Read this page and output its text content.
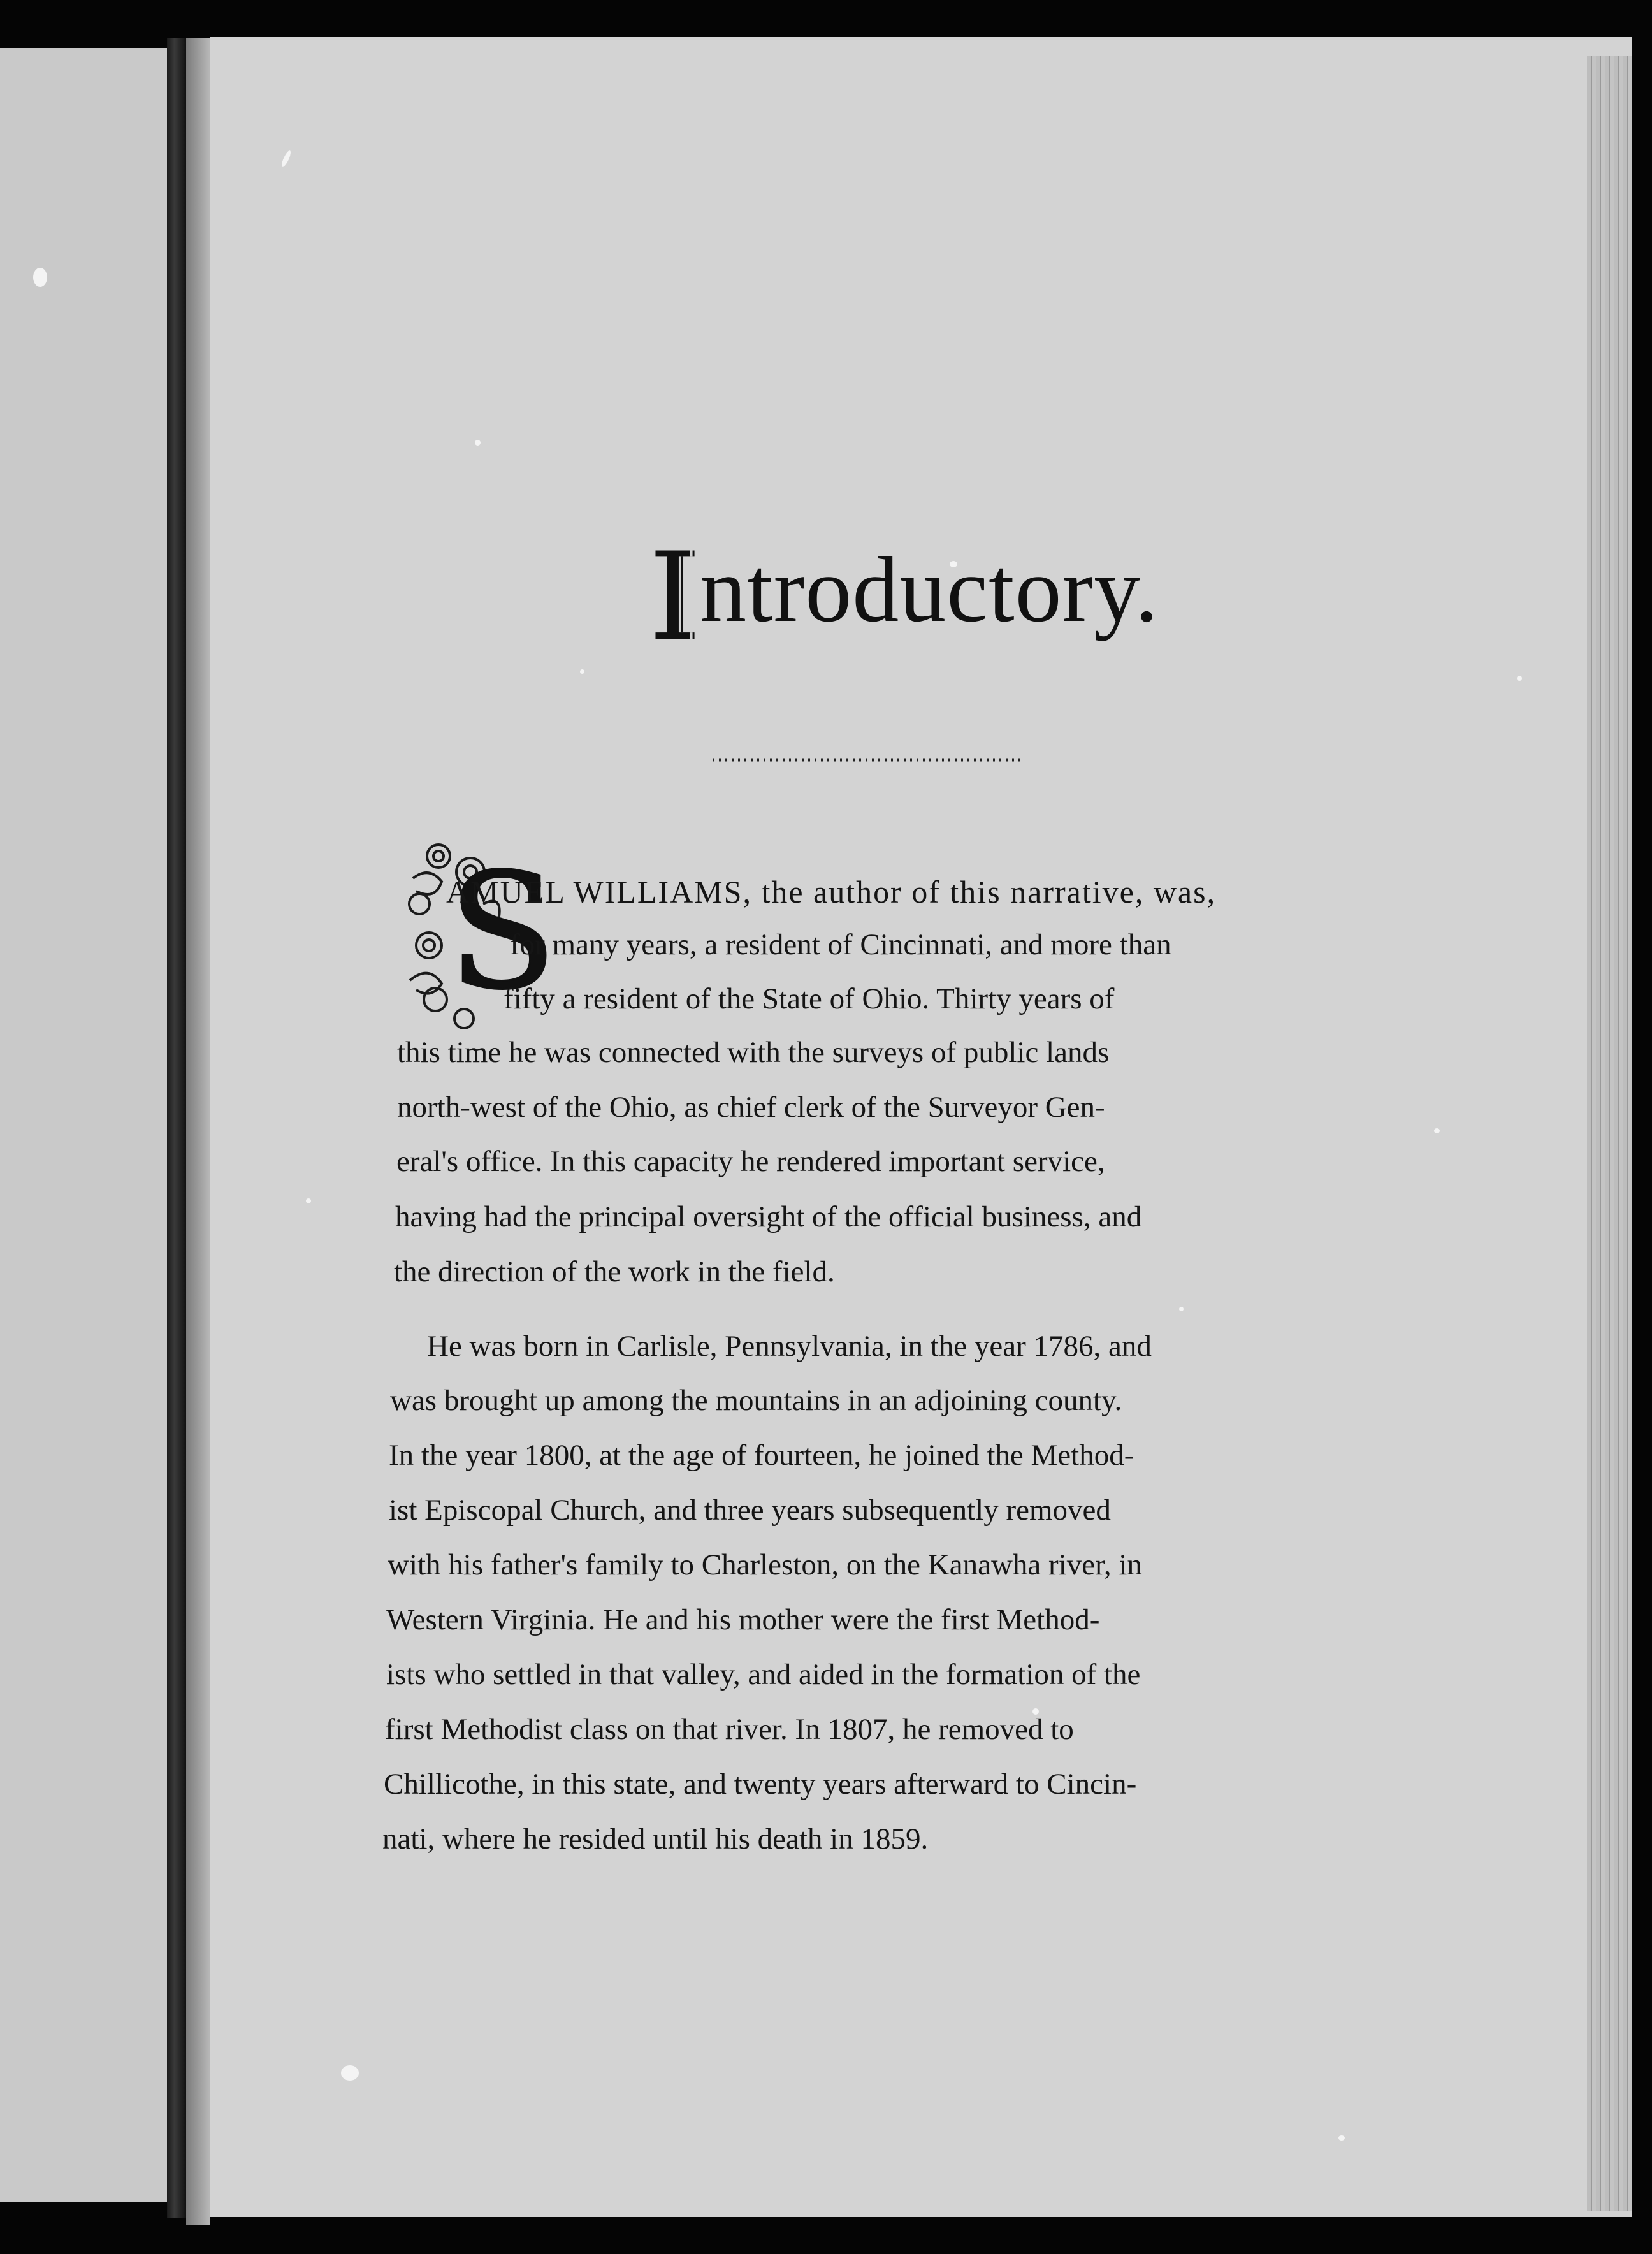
Introductory.
S
AMUEL WILLIAMS, the author of this narrative, was,
for many years, a resident of Cincinnati, and more than
fifty a resident of the State of Ohio. Thirty years of
this time he was connected with the surveys of public lands
north-west of the Ohio, as chief clerk of the Surveyor Gen-
eral's office. In this capacity he rendered important service,
having had the principal oversight of the official business, and
the direction of the work in the field.
He was born in Carlisle, Pennsylvania, in the year 1786, and
was brought up among the mountains in an adjoining county.
In the year 1800, at the age of fourteen, he joined the Method-
ist Episcopal Church, and three years subsequently removed
with his father's family to Charleston, on the Kanawha river, in
Western Virginia. He and his mother were the first Method-
ists who settled in that valley, and aided in the formation of the
first Methodist class on that river. In 1807, he removed to
Chillicothe, in this state, and twenty years afterward to Cincin-
nati, where he resided until his death in 1859.
